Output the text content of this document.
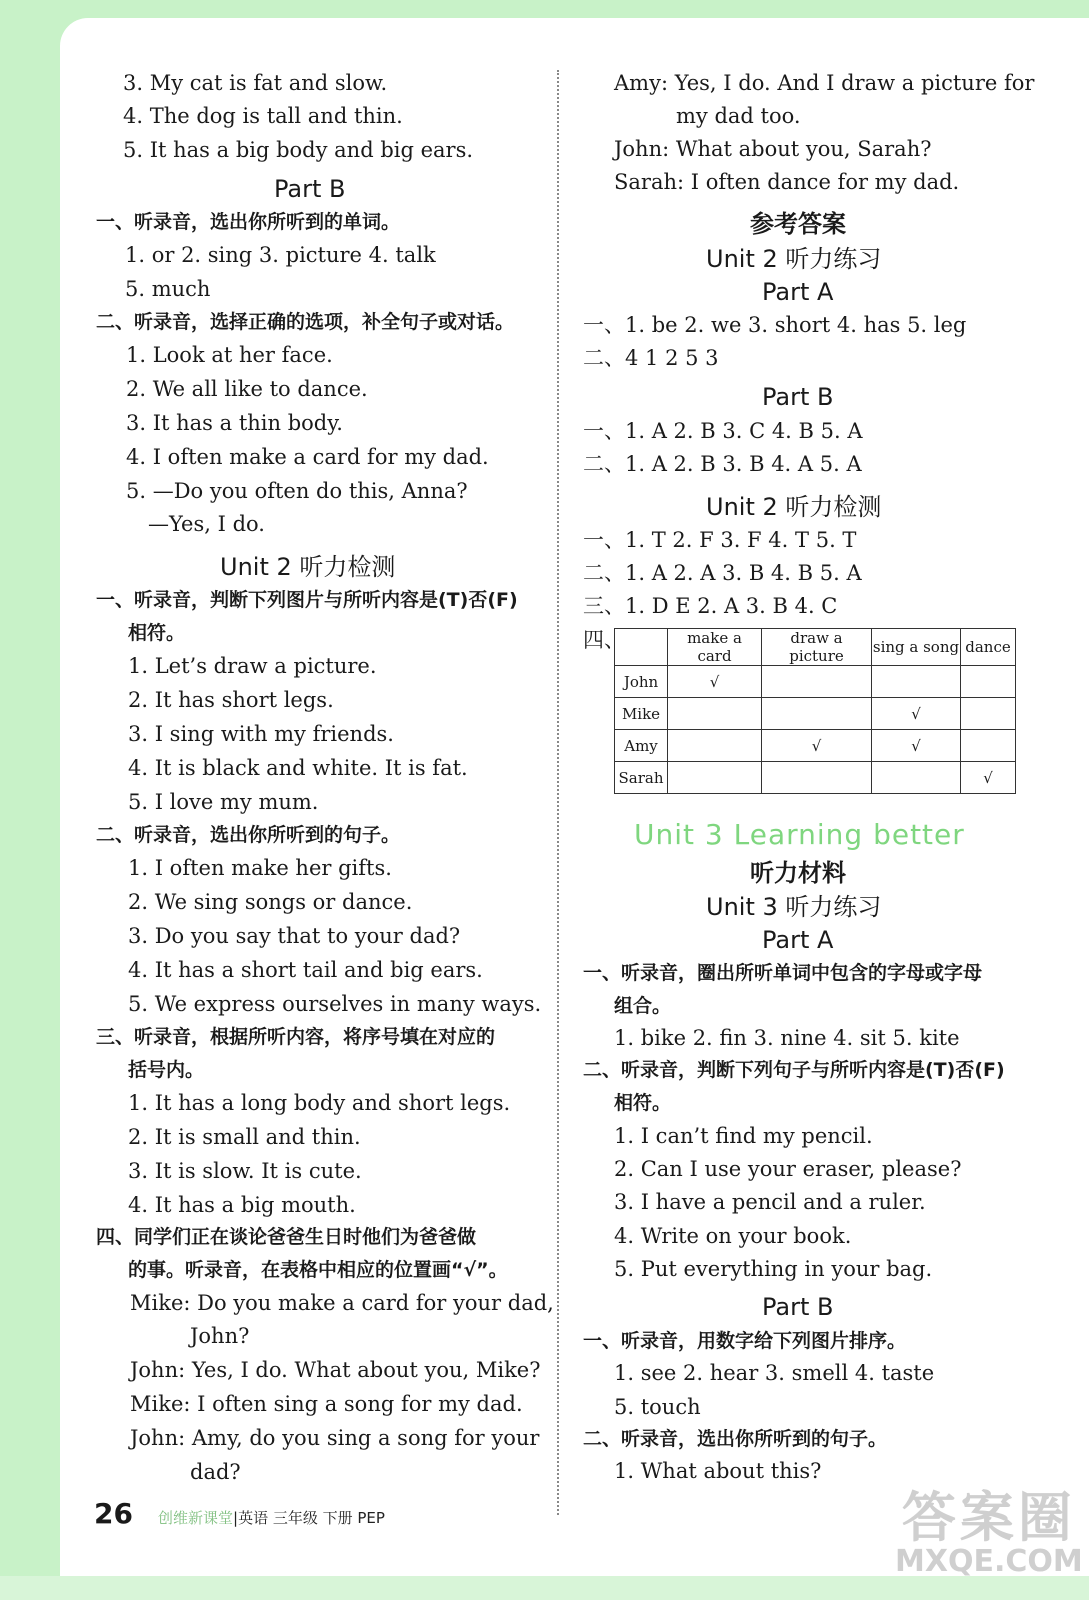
	make a card	draw a picture	sing a song	dance
John	√			
Mike			√	
Amy		√	√	
Sarah				√
26 创维新课堂|英语 三年级 下册 PEP	答案圈
MXQE.COM
3. My cat is fat and slow.
4. The dog is tall and thin.
5. It has a big body and big ears.
Part B
一、听录音，选出你所听到的单词。
1. or 2. sing 3. picture 4. talk
5. much
二、听录音，选择正确的选项，补全句子或对话。
1. Look at her face.
2. We all like to dance.
3. It has a thin body.
4. I often make a card for my dad.
5. —Do you often do this, Anna?
—Yes, I do.
Unit 2 听力检测
一、听录音，判断下列图片与所听内容是(T)否(F)
相符。
1. Let’s draw a picture.
2. It has short legs.
3. I sing with my friends.
4. It is black and white. It is fat.
5. I love my mum.
二、听录音，选出你所听到的句子。
1. I often make her gifts.
2. We sing songs or dance.
3. Do you say that to your dad?
4. It has a short tail and big ears.
5. We express ourselves in many ways.
三、听录音，根据所听内容，将序号填在对应的
括号内。
1. It has a long body and short legs.
2. It is small and thin.
3. It is slow. It is cute.
4. It has a big mouth.
四、同学们正在谈论爸爸生日时他们为爸爸做
的事。听录音，在表格中相应的位置画“√”。
Mike: Do you make a card for your dad,
John?
John: Yes, I do. What about you, Mike?
Mike: I often sing a song for my dad.
John: Amy, do you sing a song for your
dad?
Amy: Yes, I do. And I draw a picture for
my dad too.
John: What about you, Sarah?
Sarah: I often dance for my dad.
参考答案
Unit 2 听力练习
Part A
一、1. be 2. we 3. short 4. has 5. leg
二、4 1 2 5 3
Part B
一、1. A 2. B 3. C 4. B 5. A
二、1. A 2. B 3. B 4. A 5. A
Unit 2 听力检测
一、1. T 2. F 3. F 4. T 5. T
二、1. A 2. A 3. B 4. B 5. A
三、1. D E 2. A 3. B 4. C
四、
Unit 3 Learning better
听力材料
Unit 3 听力练习
Part A
一、听录音，圈出所听单词中包含的字母或字母
组合。
1. bike 2. fin 3. nine 4. sit 5. kite
二、听录音，判断下列句子与所听内容是(T)否(F)
相符。
1. I can’t find my pencil.
2. Can I use your eraser, please?
3. I have a pencil and a ruler.
4. Write on your book.
5. Put everything in your bag.
Part B
一、听录音，用数字给下列图片排序。
1. see 2. hear 3. smell 4. taste
5. touch
二、听录音，选出你所听到的句子。
1. What about this?
